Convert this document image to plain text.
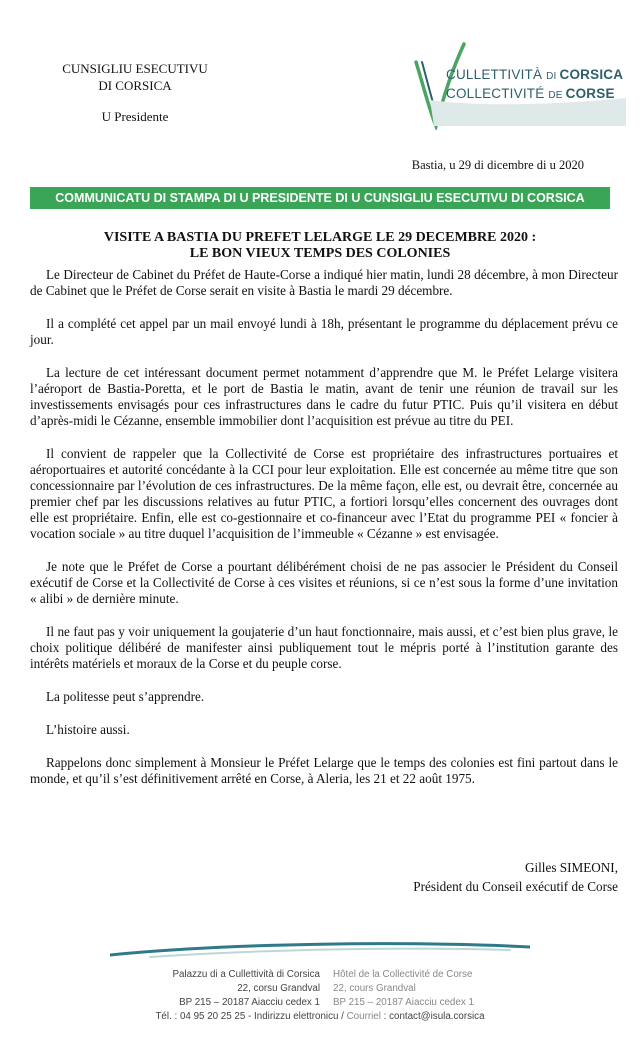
CUNSIGLIU ESECUTIVU
DI CORSICA
U Presidente
CULLETTIVITÀ DI CORSICA
COLLECTIVITÉ DE CORSE
Bastia, u 29 di dicembre di u 2020
COMMUNICATU DI STAMPA DI U PRESIDENTE DI U CUNSIGLIU ESECUTIVU DI CORSICA
VISITE A BASTIA DU PREFET LELARGE LE 29 DECEMBRE 2020 :
LE BON VIEUX TEMPS DES COLONIES

Le Directeur de Cabinet du Préfet de Haute-Corse a indiqué hier matin, lundi 28 décembre, à mon Directeur de Cabinet que le Préfet de Corse serait en visite à Bastia le mardi 29 décembre.

Il a complété cet appel par un mail envoyé lundi à 18h, présentant le programme du déplacement prévu ce jour.

La lecture de cet intéressant document permet notamment d’apprendre que M. le Préfet Lelarge visitera l’aéroport de Bastia-Poretta, et le port de Bastia le matin, avant de tenir une réunion de travail sur les investissements envisagés pour ces infrastructures dans le cadre du futur PTIC. Puis qu’il visitera en début d’après-midi le Cézanne, ensemble immobilier dont l’acquisition est prévue au titre du PEI.

Il convient de rappeler que la Collectivité de Corse est propriétaire des infrastructures portuaires et aéroportuaires et autorité concédante à la CCI pour leur exploitation. Elle est concernée au même titre que son concessionnaire par l’évolution de ces infrastructures. De la même façon, elle est, ou devrait être, concernée au premier chef par les discussions relatives au futur PTIC, a fortiori lorsqu’elles concernent des ouvrages dont elle est propriétaire. Enfin, elle est co-gestionnaire et co-financeur avec l’Etat du programme PEI « foncier à vocation sociale » au titre duquel l’acquisition de l’immeuble « Cézanne » est envisagée.

Je note que le Préfet de Corse a pourtant délibérément choisi de ne pas associer le Président du Conseil exécutif de Corse et la Collectivité de Corse à ces visites et réunions, si ce n’est sous la forme d’une invitation « alibi » de dernière minute.

Il ne faut pas y voir uniquement la goujaterie d’un haut fonctionnaire, mais aussi, et c’est bien plus grave, le choix politique délibéré de manifester ainsi publiquement tout le mépris porté à l’institution garante des intérêts matériels et moraux de la Corse et du peuple corse.

La politesse peut s’apprendre.

L’histoire aussi.

Rappelons donc simplement à Monsieur le Préfet Lelarge que le temps des colonies est fini partout dans le monde, et qu’il s’est définitivement arrêté en Corse, à Aleria, les 21 et 22 août 1975.

Gilles SIMEONI,
Président du Conseil exécutif de Corse
Palazzu di a Cullettività di Corsica
22, corsu Grandval
BP 215 – 20187 Aiacciu cedex 1
Hôtel de la Collectivité de Corse
22, cours Grandval
BP 215 – 20187 Aiacciu cedex 1
Tél. : 04 95 20 25 25 - Indirizzu elettronicu / Courriel : contact@isula.corsica
